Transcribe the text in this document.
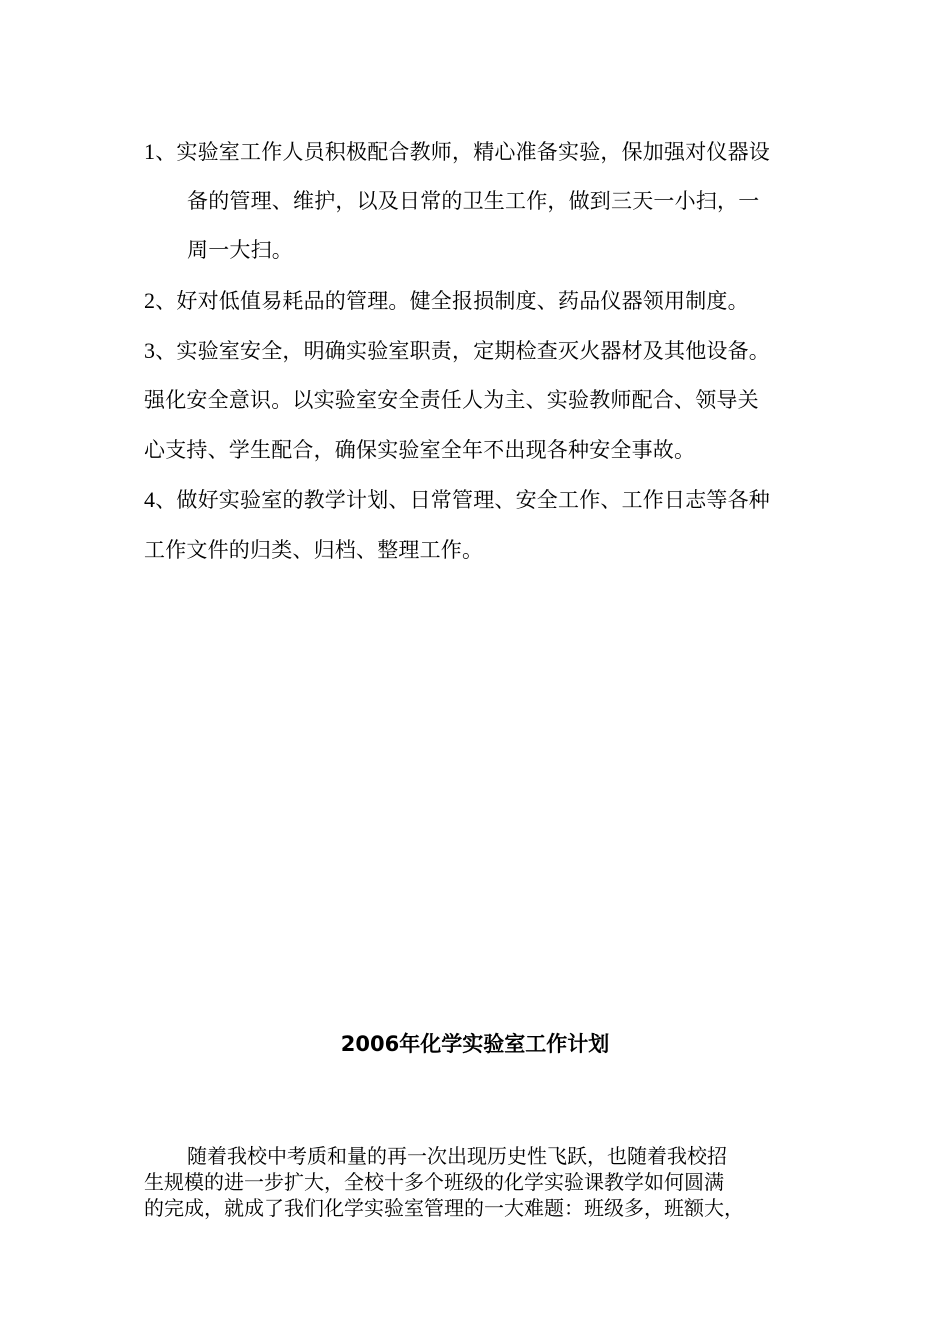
1、实验室工作人员积极配合教师，精心准备实验，保加强对仪器设
备的管理、维护，以及日常的卫生工作，做到三天一小扫，一
周一大扫。
2、好对低值易耗品的管理。健全报损制度、药品仪器领用制度。
3、实验室安全，明确实验室职责，定期检查灭火器材及其他设备。
强化安全意识。以实验室安全责任人为主、实验教师配合、领导关
心支持、学生配合，确保实验室全年不出现各种安全事故。
4、做好实验室的教学计划、日常管理、安全工作、工作日志等各种
工作文件的归类、归档、整理工作。
2006年化学实验室工作计划
随着我校中考质和量的再一次出现历史性飞跃，也随着我校招
生规模的进一步扩大，全校十多个班级的化学实验课教学如何圆满
的完成，就成了我们化学实验室管理的一大难题：班级多，班额大，
